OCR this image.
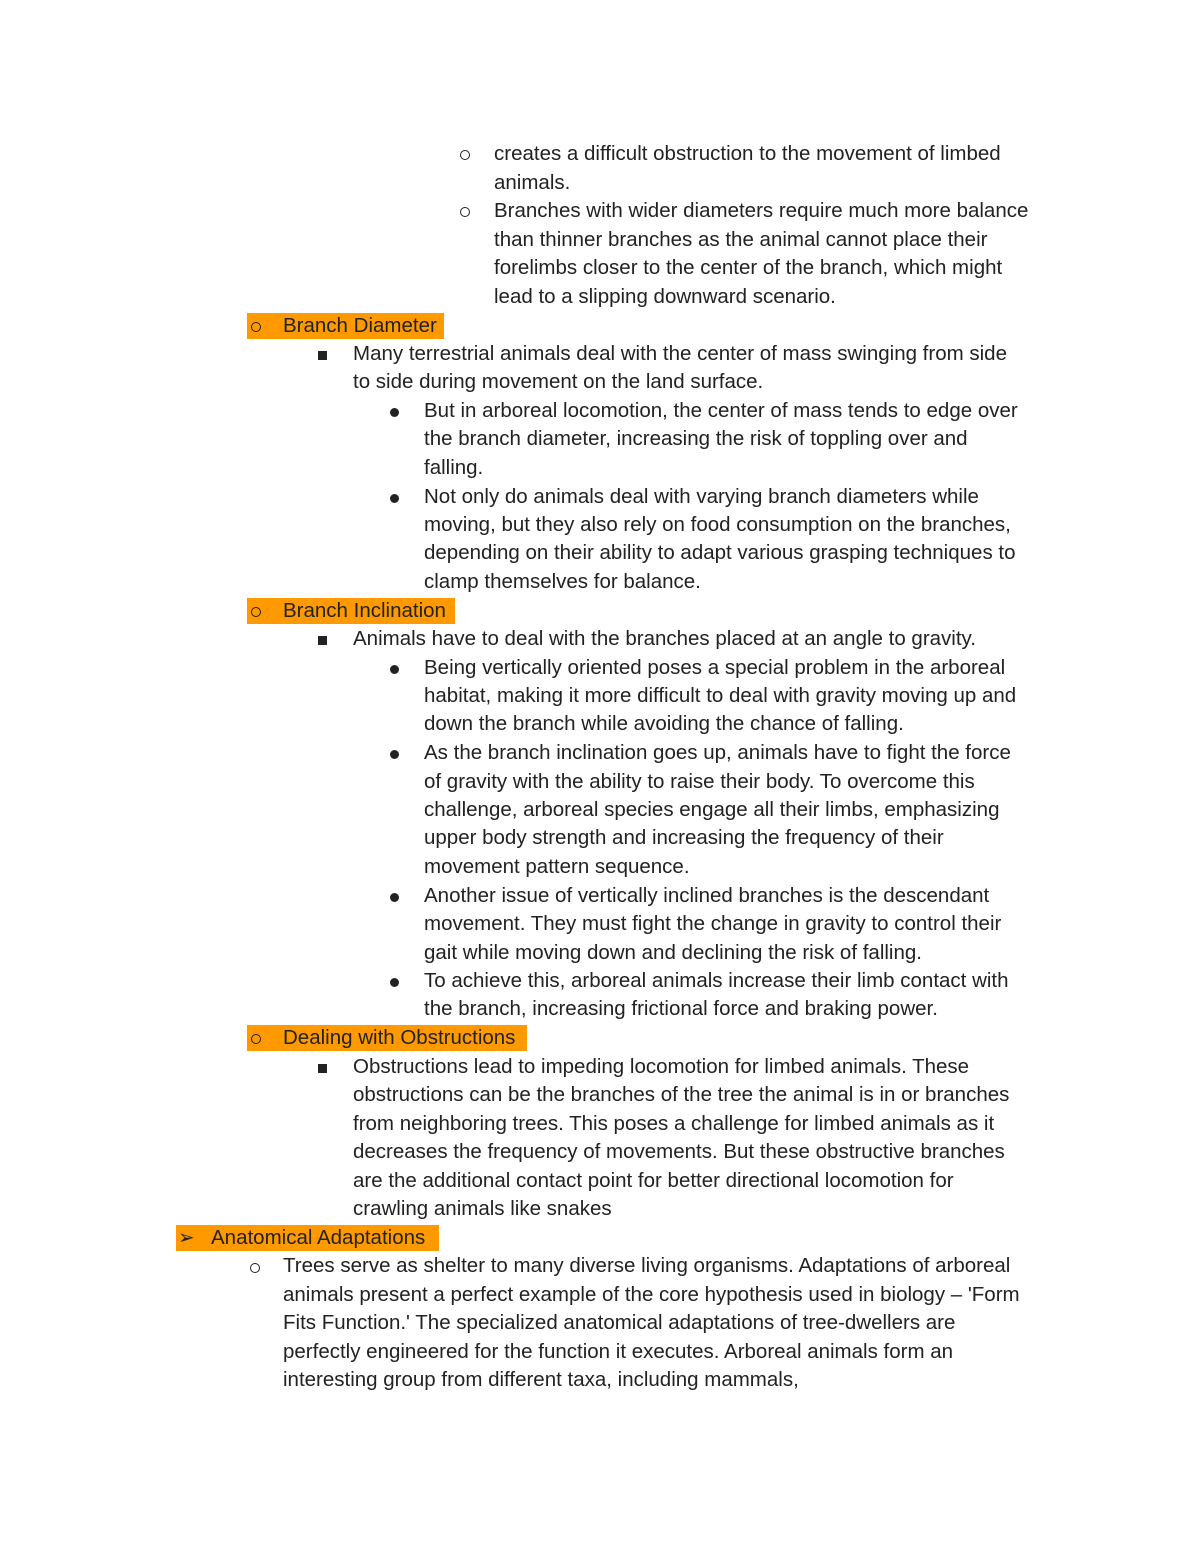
creates a difficult obstruction to the movement of limbed
animals.
Branches with wider diameters require much more balance
than thinner branches as the animal cannot place their
forelimbs closer to the center of the branch, which might
lead to a slipping downward scenario.
Branch Diameter
Many terrestrial animals deal with the center of mass swinging from side
to side during movement on the land surface.
But in arboreal locomotion, the center of mass tends to edge over
the branch diameter, increasing the risk of toppling over and
falling.
Not only do animals deal with varying branch diameters while
moving, but they also rely on food consumption on the branches,
depending on their ability to adapt various grasping techniques to
clamp themselves for balance.
Branch Inclination
Animals have to deal with the branches placed at an angle to gravity.
Being vertically oriented poses a special problem in the arboreal
habitat, making it more difficult to deal with gravity moving up and
down the branch while avoiding the chance of falling.
As the branch inclination goes up, animals have to fight the force
of gravity with the ability to raise their body. To overcome this
challenge, arboreal species engage all their limbs, emphasizing
upper body strength and increasing the frequency of their
movement pattern sequence.
Another issue of vertically inclined branches is the descendant
movement. They must fight the change in gravity to control their
gait while moving down and declining the risk of falling.
To achieve this, arboreal animals increase their limb contact with
the branch, increasing frictional force and braking power.
Dealing with Obstructions
Obstructions lead to impeding locomotion for limbed animals. These
obstructions can be the branches of the tree the animal is in or branches
from neighboring trees. This poses a challenge for limbed animals as it
decreases the frequency of movements. But these obstructive branches
are the additional contact point for better directional locomotion for
crawling animals like snakes
➢ Anatomical Adaptations
Trees serve as shelter to many diverse living organisms. Adaptations of arboreal
animals present a perfect example of the core hypothesis used in biology – 'Form
Fits Function.' The specialized anatomical adaptations of tree-dwellers are
perfectly engineered for the function it executes. Arboreal animals form an
interesting group from different taxa, including mammals,
